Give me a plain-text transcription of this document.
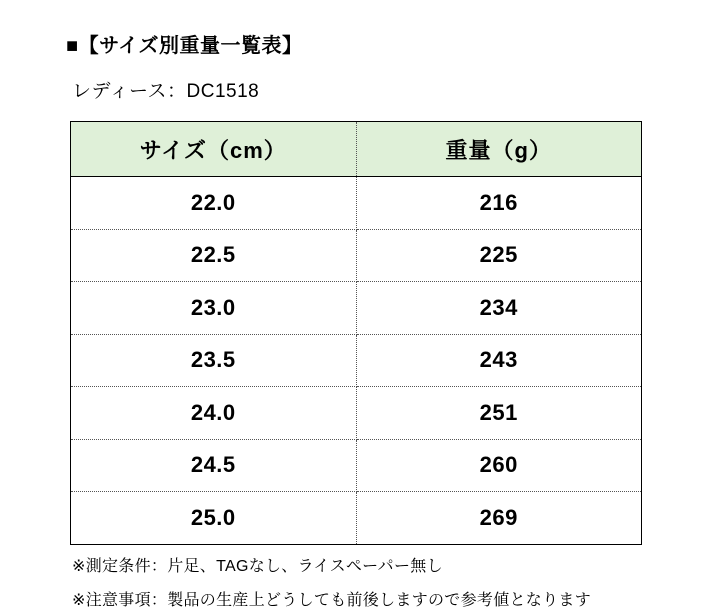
■【サイズ別重量一覧表】
レディース：DC1518
サイズ（cm）	重量（g）
22.0	216
22.5	225
23.0	234
23.5	243
24.0	251
24.5	260
25.0	269
※測定条件：片足、TAGなし、ライスペーパー無し
※注意事項：製品の生産上どうしても前後しますので参考値となります
